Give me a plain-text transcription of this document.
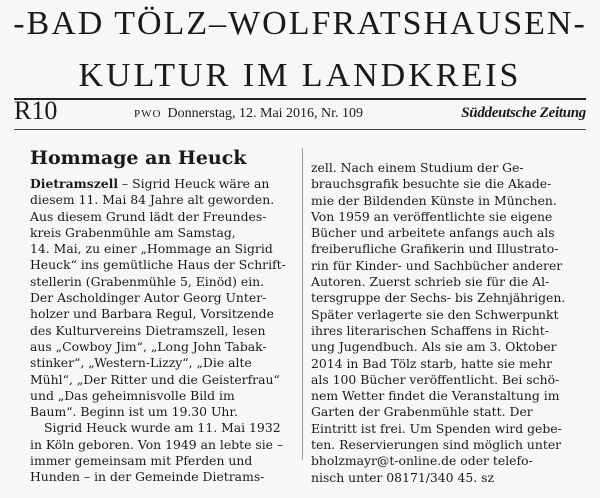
-BAD TÖLZ–WOLFRATSHAUSEN-
KULTUR IM LANDKREIS
R10	PWO Donnerstag, 12. Mai 2016, Nr. 109	Süddeutsche Zeitung
Hommage an Heuck
Dietramszell – Sigrid Heuck wäre an
diesem 11. Mai 84 Jahre alt geworden.
Aus diesem Grund lädt der Freundes-
kreis Grabenmühle am Samstag,
14. Mai, zu einer „Hommage an Sigrid
Heuck“ ins gemütliche Haus der Schrift-
stellerin (Grabenmühle 5, Einöd) ein.
Der Ascholdinger Autor Georg Unter-
holzer und Barbara Regul, Vorsitzende
des Kulturvereins Dietramszell, lesen
aus „Cowboy Jim“, „Long John Tabak-
stinker“, „Western-Lizzy“, „Die alte
Mühl“, „Der Ritter und die Geisterfrau“
und „Das geheimnisvolle Bild im
Baum“. Beginn ist um 19.30 Uhr.
Sigrid Heuck wurde am 11. Mai 1932
in Köln geboren. Von 1949 an lebte sie –
immer gemeinsam mit Pferden und
Hunden – in der Gemeinde Dietrams-
zell. Nach einem Studium der Ge-
brauchsgrafik besuchte sie die Akade-
mie der Bildenden Künste in München.
Von 1959 an veröffentlichte sie eigene
Bücher und arbeitete anfangs auch als
freiberufliche Grafikerin und Illustrato-
rin für Kinder- und Sachbücher anderer
Autoren. Zuerst schrieb sie für die Al-
tersgruppe der Sechs- bis Zehnjährigen.
Später verlagerte sie den Schwerpunkt
ihres literarischen Schaffens in Richt-
ung Jugendbuch. Als sie am 3. Oktober
2014 in Bad Tölz starb, hatte sie mehr
als 100 Bücher veröffentlicht. Bei schö-
nem Wetter findet die Veranstaltung im
Garten der Grabenmühle statt. Der
Eintritt ist frei. Um Spenden wird gebe-
ten. Reservierungen sind möglich unter
bholzmayr@t-online.de oder telefo-
nisch unter 08171/340 45. sz
